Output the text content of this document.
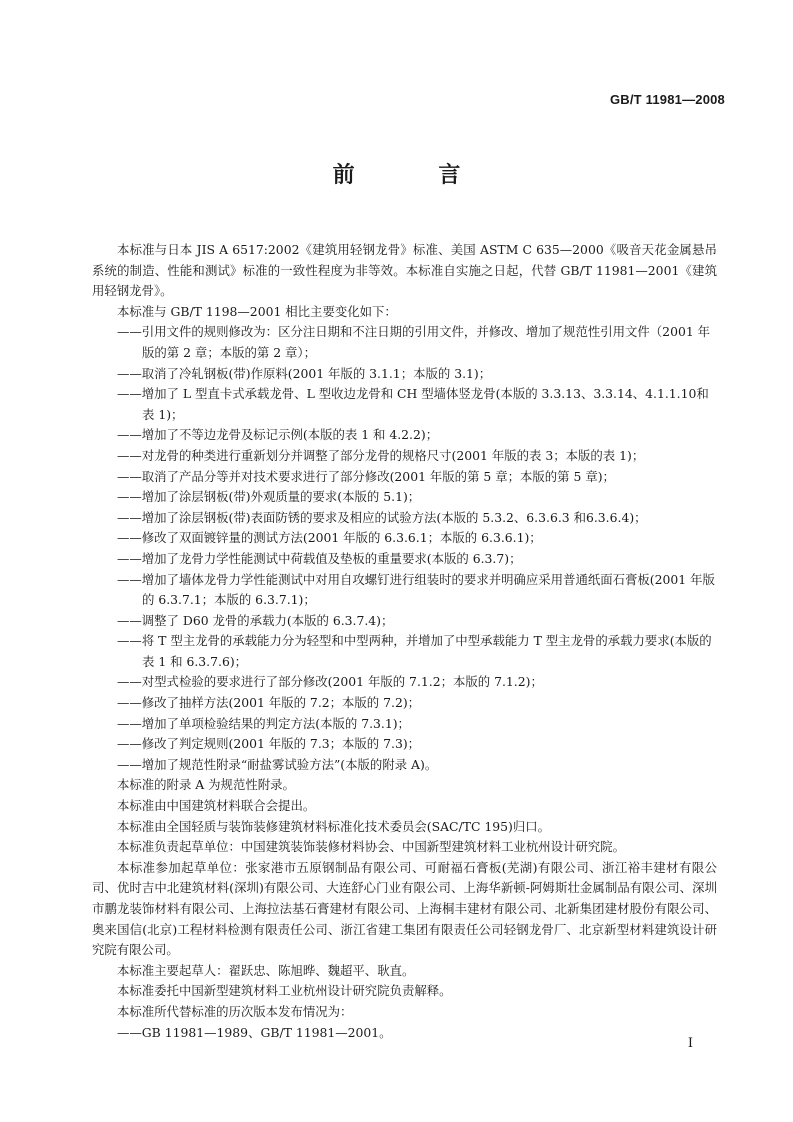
GB/T 11981—2008
前 言

本标准与日本 JIS A 6517:2002《建筑用轻钢龙骨》标准、美国 ASTM C 635—2000《吸音天花金属悬吊系统的制造、性能和测试》标准的一致性程度为非等效。本标准自实施之日起，代替 GB/T 11981—2001《建筑用轻钢龙骨》。

本标准与 GB/T 1198—2001 相比主要变化如下：

——引用文件的规则修改为：区分注日期和不注日期的引用文件，并修改、增加了规范性引用文件（2001 年版的第 2 章；本版的第 2 章）；

——取消了冷轧钢板(带)作原料(2001 年版的 3.1.1；本版的 3.1)；

——增加了 L 型直卡式承载龙骨、L 型收边龙骨和 CH 型墙体竖龙骨(本版的 3.3.13、3.3.14、4.1.1.10和表 1)；

——增加了不等边龙骨及标记示例(本版的表 1 和 4.2.2)；

——对龙骨的种类进行重新划分并调整了部分龙骨的规格尺寸(2001 年版的表 3；本版的表 1)；

——取消了产品分等并对技术要求进行了部分修改(2001 年版的第 5 章；本版的第 5 章)；

——增加了涂层钢板(带)外观质量的要求(本版的 5.1)；

——增加了涂层钢板(带)表面防锈的要求及相应的试验方法(本版的 5.3.2、6.3.6.3 和6.3.6.4)；

——修改了双面镀锌量的测试方法(2001 年版的 6.3.6.1；本版的 6.3.6.1)；

——增加了龙骨力学性能测试中荷载值及垫板的重量要求(本版的 6.3.7)；

——增加了墙体龙骨力学性能测试中对用自攻螺钉进行组装时的要求并明确应采用普通纸面石膏板(2001 年版的 6.3.7.1；本版的 6.3.7.1)；

——调整了 D60 龙骨的承载力(本版的 6.3.7.4)；

——将 T 型主龙骨的承载能力分为轻型和中型两种，并增加了中型承载能力 T 型主龙骨的承载力要求(本版的表 1 和 6.3.7.6)；

——对型式检验的要求进行了部分修改(2001 年版的 7.1.2；本版的 7.1.2)；

——修改了抽样方法(2001 年版的 7.2；本版的 7.2)；

——增加了单项检验结果的判定方法(本版的 7.3.1)；

——修改了判定规则(2001 年版的 7.3；本版的 7.3)；

——增加了规范性附录“耐盐雾试验方法”(本版的附录 A)。

本标准的附录 A 为规范性附录。

本标准由中国建筑材料联合会提出。

本标准由全国轻质与装饰装修建筑材料标准化技术委员会(SAC/TC 195)归口。

本标准负责起草单位：中国建筑装饰装修材料协会、中国新型建筑材料工业杭州设计研究院。

本标准参加起草单位：张家港市五原钢制品有限公司、可耐福石膏板(芜湖)有限公司、浙江裕丰建材有限公司、优时吉中北建筑材料(深圳)有限公司、大连舒心门业有限公司、上海华新顿-阿姆斯壮金属制品有限公司、深圳市鹏龙装饰材料有限公司、上海拉法基石膏建材有限公司、上海桐丰建材有限公司、北新集团建材股份有限公司、奥来国信(北京)工程材料检测有限责任公司、浙江省建工集团有限责任公司轻钢龙骨厂、北京新型材料建筑设计研究院有限公司。

本标准主要起草人：翟跃忠、陈旭晔、魏超平、耿直。

本标准委托中国新型建筑材料工业杭州设计研究院负责解释。

本标准所代替标准的历次版本发布情况为：

——GB 11981—1989、GB/T 11981—2001。

I
